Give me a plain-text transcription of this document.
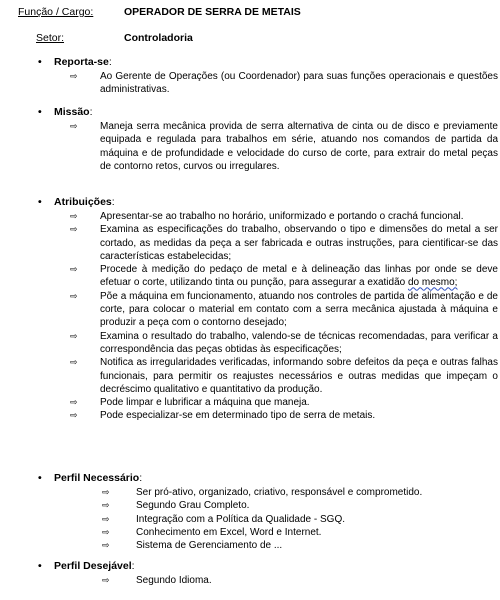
Função / Cargo:	OPERADOR DE SERRA DE METAIS
Setor:	Controladoria
• Reporta-se:
⇨ Ao Gerente de Operações (ou Coordenador) para suas funções operacionais e questões administrativas.
• Missão:
⇨ Maneja serra mecânica provida de serra alternativa de cinta ou de disco e previamente equipada e regulada para trabalhos em série, atuando nos comandos de partida da máquina e de profundidade e velocidade do curso de corte, para extrair do metal peças de contorno retos, curvos ou irregulares.
• Atribuições:
⇨ Apresentar-se ao trabalho no horário, uniformizado e portando o crachá funcional.
⇨ Examina as especificações do trabalho, observando o tipo e dimensões do metal a ser cortado, as medidas da peça a ser fabricada e outras instruções, para cientificar-se das características estabelecidas;
⇨ Procede à medição do pedaço de metal e à delineação das linhas por onde se deve efetuar o corte, utilizando tinta ou punção, para assegurar a exatidão do mesmo;
⇨ Põe a máquina em funcionamento, atuando nos controles de partida de alimentação e de corte, para colocar o material em contato com a serra mecânica ajustada à máquina e produzir a peça com o contorno desejado;
⇨ Examina o resultado do trabalho, valendo-se de técnicas recomendadas, para verificar a correspondência das peças obtidas às especificações;
⇨ Notifica as irregularidades verificadas, informando sobre defeitos da peça e outras falhas funcionais, para permitir os reajustes necessários e outras medidas que impeçam o decréscimo qualitativo e quantitativo da produção.
⇨ Pode limpar e lubrificar a máquina que maneja.
⇨ Pode especializar-se em determinado tipo de serra de metais.
• Perfil Necessário:
⇨	Ser pró-ativo, organizado, criativo, responsável e comprometido.
⇨	Segundo Grau Completo.
⇨	Integração com a Política da Qualidade - SGQ.
⇨	Conhecimento em Excel, Word e Internet.
⇨	Sistema de Gerenciamento de ...
• Perfil Desejável:
⇨	Segundo Idioma.
